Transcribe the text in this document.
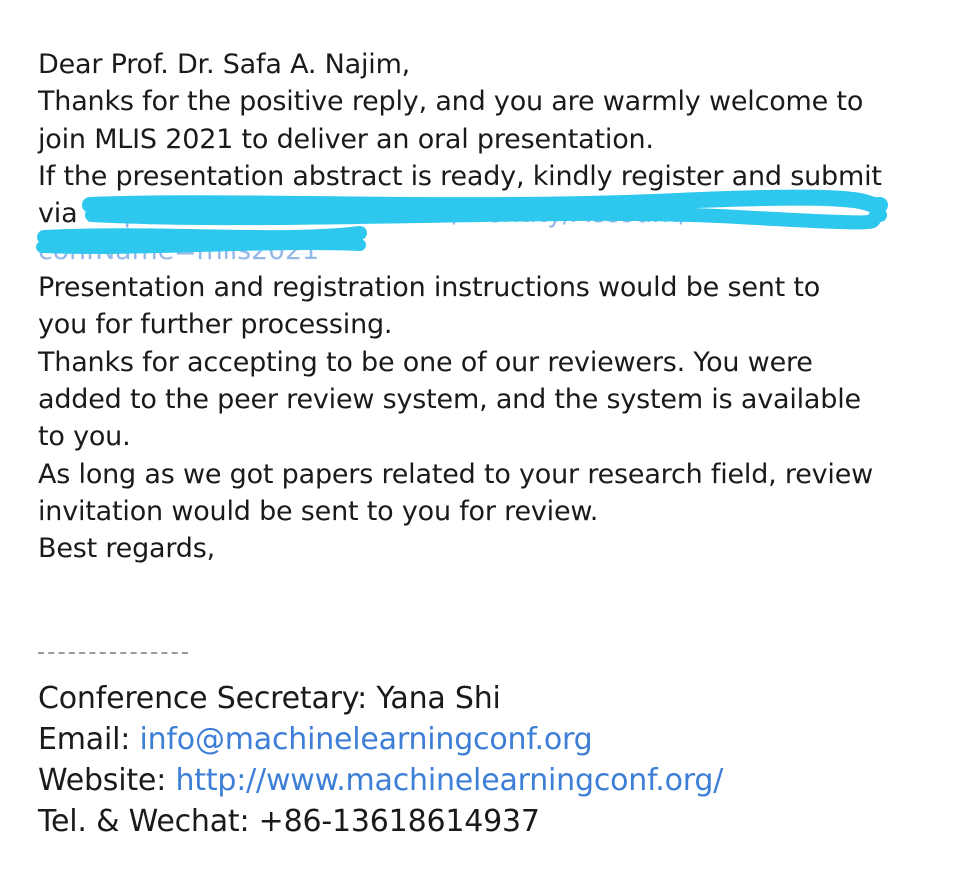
Dear Prof. Dr. Safa A. Najim,
Thanks for the positive reply, and you are warmly welcome to
join MLIS 2021 to deliver an oral presentation.
If the presentation abstract is ready, kindly register and submit
via http://www	nf.com/identity/Account/L
confName=mlis2021
Presentation and registration instructions would be sent to
you for further processing.
Thanks for accepting to be one of our reviewers. You were
added to the peer review system, and the system is available
to you.
As long as we got papers related to your research field, review
invitation would be sent to you for review.
Best regards,
Conference Secretary: Yana Shi
Email: info@machinelearningconf.org
Website: http://www.machinelearningconf.org/
Tel. & Wechat: +86-13618614937
